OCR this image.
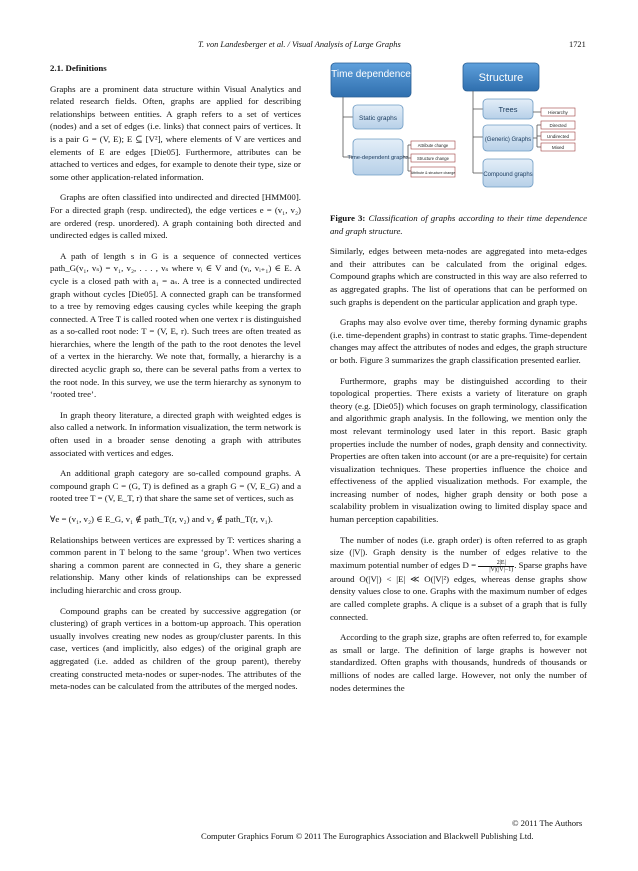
T. von Landesberger et al. / Visual Analysis of Large Graphs	1721
2.1. Definitions

Graphs are a prominent data structure within Visual Analytics and related research fields. Often, graphs are applied for describing relationships between entities. A graph refers to a set of vertices (nodes) and a set of edges (i.e. links) that connect pairs of vertices. It is a pair G = (V, E); E ⊆ [V²], where elements of V are vertices and elements of E are edges [Die05]. Furthermore, attributes can be attached to vertices and edges, for example to denote their type, size or some other application-related information.

Graphs are often classified into undirected and directed [HMM00]. For a directed graph (resp. undirected), the edge vertices e = (v₁, v₂) are ordered (resp. unordered). A graph containing both directed and undirected edges is called mixed.

A path of length s in G is a sequence of connected vertices path_G(v₁, vₛ) = v₁, v₂, . . . , vₛ where vᵢ ∈ V and (vᵢ, vᵢ₊₁) ∈ E. A cycle is a closed path with a₁ = aₛ. A tree is a connected undirected graph without cycles [Die05]. A connected graph can be transformed to a tree by removing edges causing cycles while keeping the graph connected. A Tree T is called rooted when one vertex r is distinguished as a so-called root node: T = (V, E, r). Such trees are often treated as hierarchies, where the length of the path to the root denotes the level of a vertex in the hierarchy. We note that, formally, a hierarchy is a directed acyclic graph so, there can be several paths from a vertex to the root node. In this survey, we use the term hierarchy as synonym to ‘rooted tree’.

In graph theory literature, a directed graph with weighted edges is also called a network. In information visualization, the term network is often used in a broader sense denoting a graph with attributes associated with vertices and edges.

An additional graph category are so-called compound graphs. A compound graph C = (G, T) is defined as a graph G = (V, E_G) and a rooted tree T = (V, E_T, r) that share the same set of vertices, such as

∀e = (v₁, v₂) ∈ E_G, v₁ ∉ path_T(r, v₂) and v₂ ∉ path_T(r, v₁).

Relationships between vertices are expressed by T: vertices sharing a common parent in T belong to the same ‘group’. When two vertices sharing a common parent are connected in G, they share a generic relationship. Many other kinds of relationships can be expressed including hierarchic and cross group.

Compound graphs can be created by successive aggregation (or clustering) of graph vertices in a bottom-up approach. This operation usually involves creating new nodes as group/cluster parents. In this case, vertices (and implicitly, also edges) of the original graph are aggregated (i.e. added as children of the group parent), thereby creating constructed meta-nodes or super-nodes. The attributes of the meta-nodes can be calculated from the attributes of the merged nodes.

Time dependence
Static graphs
Time-dependent graphs
Attribute change
Structure change
Attribute & structure change
Structure
Trees
(Generic) Graphs
Compound graphs
Hierarchy
Directed
Undirected
Mixed

Figure 3: Classification of graphs according to their time dependence and graph structure.

Similarly, edges between meta-nodes are aggregated into meta-edges and their attributes can be calculated from the original edges. Compound graphs which are constructed in this way are also referred to as aggregated graphs. The list of operations that can be performed on such graphs is dependent on the particular application and graph type.

Graphs may also evolve over time, thereby forming dynamic graphs (i.e. time-dependent graphs) in contrast to static graphs. Time-dependent changes may affect the attributes of nodes and edges, the graph structure or both. Figure 3 summarizes the graph classification presented earlier.

Furthermore, graphs may be distinguished according to their topological properties. There exists a variety of literature on graph theory (e.g. [Die05]) which focuses on graph terminology, classification and algorithmic graph analysis. In the following, we mention only the most relevant terminology used later in this report. Basic graph properties include the number of nodes, graph density and connectivity. Properties are often taken into account (or are a pre-requisite) for certain visualization techniques. These properties influence the choice and effectiveness of the applied visualization methods. For example, the increasing number of nodes, higher graph density or both pose a scalability problem in visualization owing to limited display space and human perception capabilities.

The number of nodes (i.e. graph order) is often referred to as graph size (|V|). Graph density is the number of edges relative to the maximum potential number of edges $D = \frac{2|E|}{|V|(|V|-1)}$ . Sparse graphs have around O(|V|) < |E| ≪ O(|V|²) edges, whereas dense graphs show density values close to one. Graphs with the maximum number of edges are called complete graphs. A clique is a subset of a graph that is fully connected.

According to the graph size, graphs are often referred to, for example as small or large. The definition of large graphs is however not standardized. Often graphs with thousands, hundreds of thousands or millions of nodes are called large. However, not only the number of nodes determines the

© 2011 The Authors
Computer Graphics Forum © 2011 The Eurographics Association and Blackwell Publishing Ltd.
